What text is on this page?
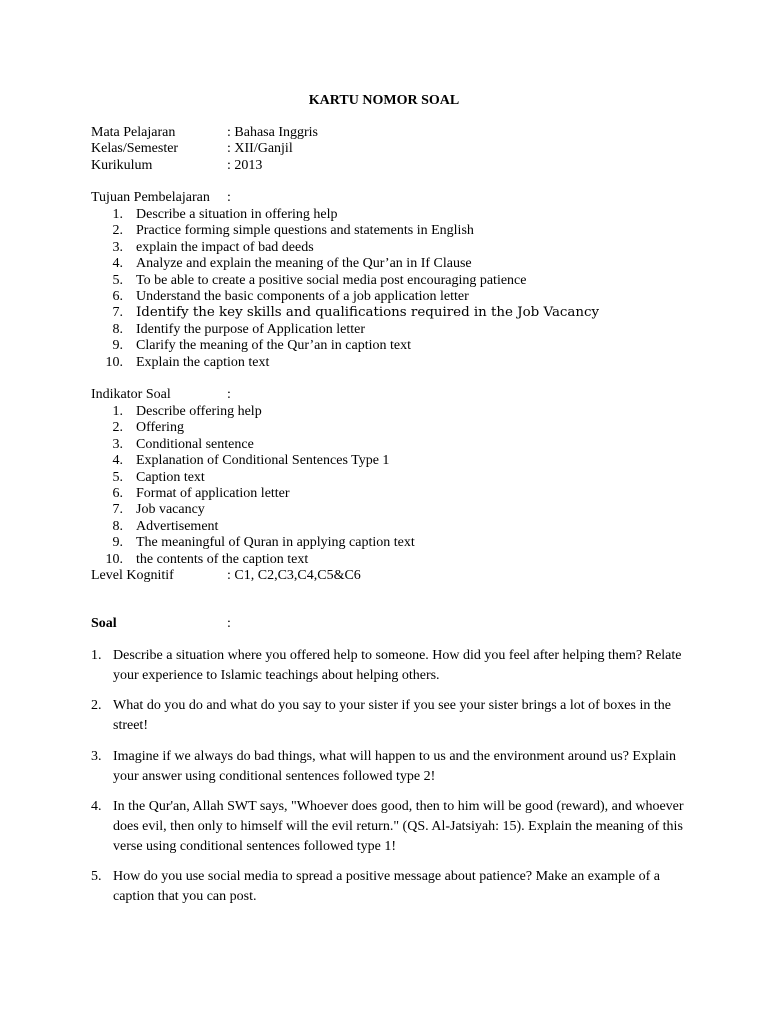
KARTU NOMOR SOAL
Mata Pelajaran	: Bahasa Inggris
Kelas/Semester	: XII/Ganjil
Kurikulum	: 2013
Tujuan Pembelajaran :
1. Describe a situation in offering help
2. Practice forming simple questions and statements in English
3. explain the impact of bad deeds
4. Analyze and explain the meaning of the Qur’an in If Clause
5. To be able to create a positive social media post encouraging patience
6. Understand the basic components of a job application letter
7. Identify the key skills and qualifications required in the Job Vacancy
8. Identify the purpose of Application letter
9. Clarify the meaning of the Qur’an in caption text
10. Explain the caption text
Indikator Soal	:
1. Describe offering help
2. Offering
3. Conditional sentence
4. Explanation of Conditional Sentences Type 1
5. Caption text
6. Format of application letter
7. Job vacancy
8. Advertisement
9. The meaningful of Quran in applying caption text
10. the contents of the caption text
Level Kognitif	: C1, C2,C3,C4,C5&C6
Soal	:
1. Describe a situation where you offered help to someone. How did you feel after helping them? Relate your experience to Islamic teachings about helping others.
2. What do you do and what do you say to your sister if you see your sister brings a lot of boxes in the street!
3. Imagine if we always do bad things, what will happen to us and the environment around us? Explain your answer using conditional sentences followed type 2!
4. In the Qur'an, Allah SWT says, "Whoever does good, then to him will be good (reward), and whoever does evil, then only to himself will the evil return." (QS. Al-Jatsiyah: 15). Explain the meaning of this verse using conditional sentences followed type 1!
5. How do you use social media to spread a positive message about patience? Make an example of a caption that you can post.
